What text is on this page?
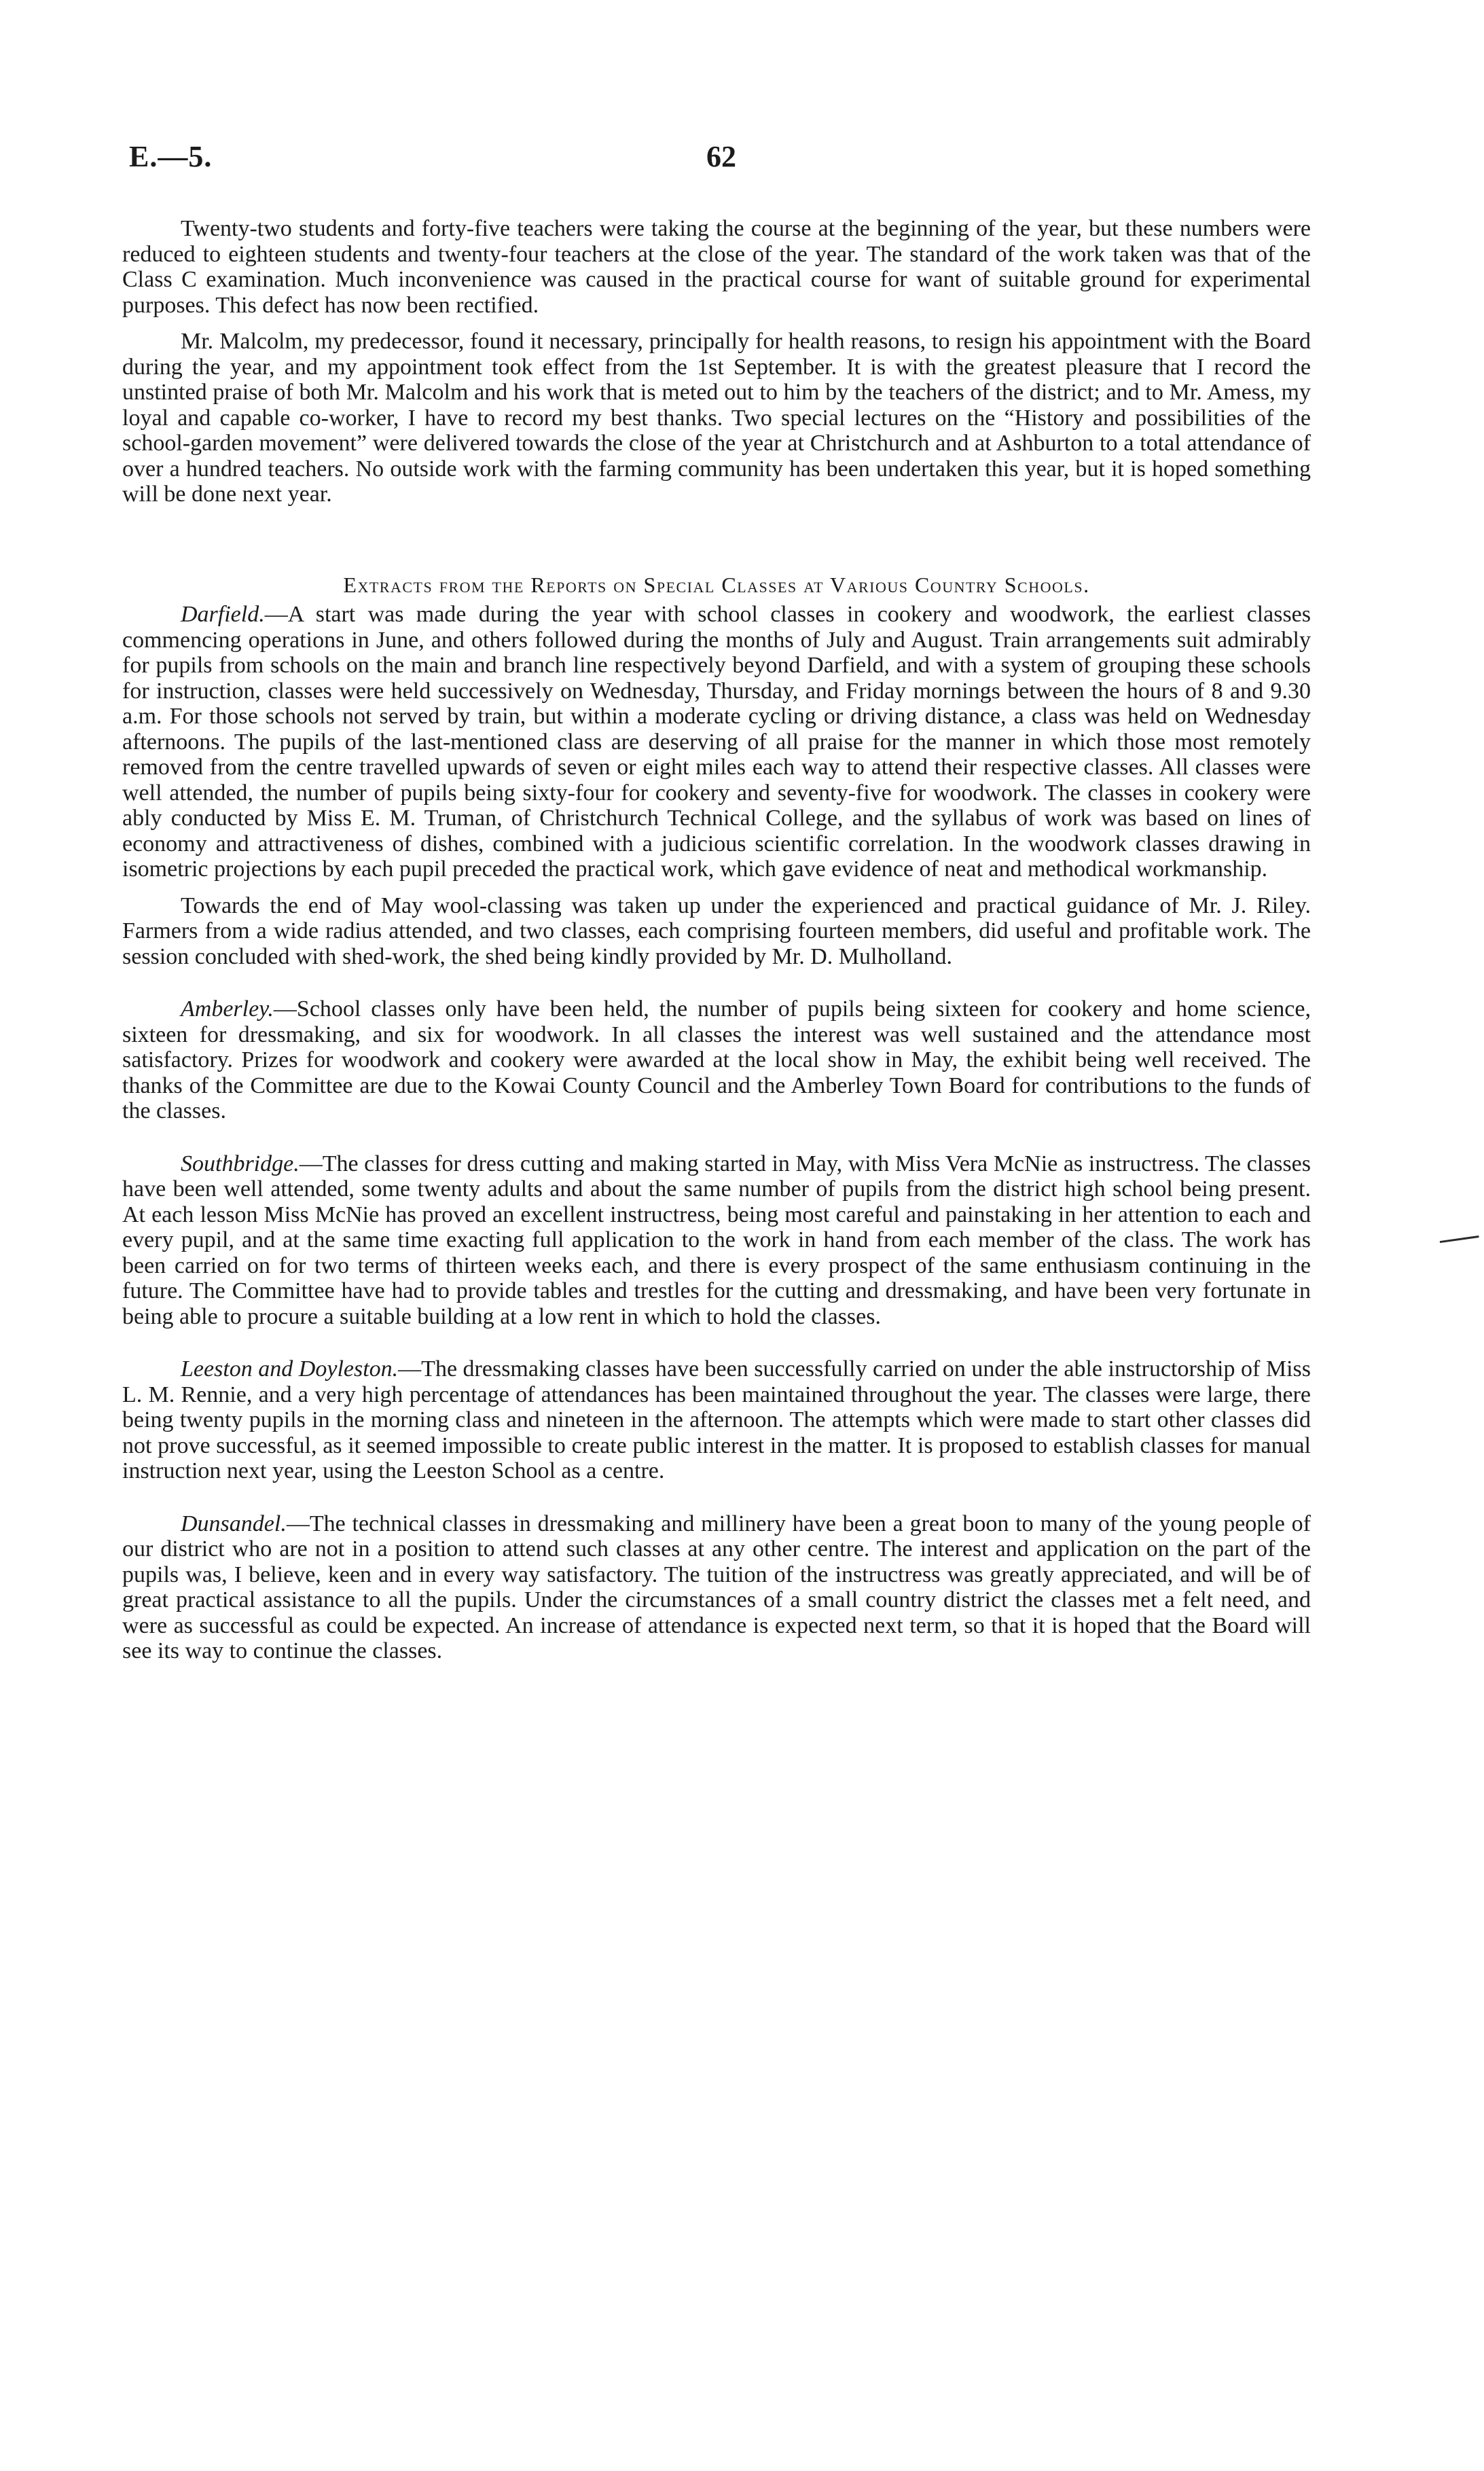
E.—5.	62

Twenty-two students and forty-five teachers were taking the course at the beginning of the year, but these numbers were reduced to eighteen students and twenty-four teachers at the close of the year. The standard of the work taken was that of the Class C examination. Much inconvenience was caused in the practical course for want of suitable ground for experimental purposes. This defect has now been rectified.

Mr. Malcolm, my predecessor, found it necessary, principally for health reasons, to resign his appointment with the Board during the year, and my appointment took effect from the 1st September. It is with the greatest pleasure that I record the unstinted praise of both Mr. Malcolm and his work that is meted out to him by the teachers of the district; and to Mr. Amess, my loyal and capable co-worker, I have to record my best thanks. Two special lectures on the “History and possibilities of the school-garden movement” were delivered towards the close of the year at Christchurch and at Ashburton to a total attendance of over a hundred teachers. No outside work with the farming community has been undertaken this year, but it is hoped something will be done next year.

Extracts from the Reports on Special Classes at Various Country Schools.

Darfield.—A start was made during the year with school classes in cookery and woodwork, the earliest classes commencing operations in June, and others followed during the months of July and August. Train arrangements suit admirably for pupils from schools on the main and branch line respectively beyond Darfield, and with a system of grouping these schools for instruction, classes were held successively on Wednesday, Thursday, and Friday mornings between the hours of 8 and 9.30 a.m. For those schools not served by train, but within a moderate cycling or driving distance, a class was held on Wednesday afternoons. The pupils of the last-mentioned class are deserving of all praise for the manner in which those most remotely removed from the centre travelled upwards of seven or eight miles each way to attend their respective classes. All classes were well attended, the number of pupils being sixty-four for cookery and seventy-five for woodwork. The classes in cookery were ably conducted by Miss E. M. Truman, of Christchurch Technical College, and the syllabus of work was based on lines of economy and attractiveness of dishes, combined with a judicious scientific correlation. In the woodwork classes drawing in isometric projections by each pupil preceded the practical work, which gave evidence of neat and methodical workmanship.

Towards the end of May wool-classing was taken up under the experienced and practical guidance of Mr. J. Riley. Farmers from a wide radius attended, and two classes, each comprising fourteen members, did useful and profitable work. The session concluded with shed-work, the shed being kindly provided by Mr. D. Mulholland.

Amberley.—School classes only have been held, the number of pupils being sixteen for cookery and home science, sixteen for dressmaking, and six for woodwork. In all classes the interest was well sustained and the attendance most satisfactory. Prizes for woodwork and cookery were awarded at the local show in May, the exhibit being well received. The thanks of the Committee are due to the Kowai County Council and the Amberley Town Board for contributions to the funds of the classes.

Southbridge.—The classes for dress cutting and making started in May, with Miss Vera McNie as instructress. The classes have been well attended, some twenty adults and about the same number of pupils from the district high school being present. At each lesson Miss McNie has proved an excellent instructress, being most careful and painstaking in her attention to each and every pupil, and at the same time exacting full application to the work in hand from each member of the class. The work has been carried on for two terms of thirteen weeks each, and there is every prospect of the same enthusiasm continuing in the future. The Committee have had to provide tables and trestles for the cutting and dressmaking, and have been very fortunate in being able to procure a suitable building at a low rent in which to hold the classes.

Leeston and Doyleston.—The dressmaking classes have been successfully carried on under the able instructorship of Miss L. M. Rennie, and a very high percentage of attendances has been maintained throughout the year. The classes were large, there being twenty pupils in the morning class and nineteen in the afternoon. The attempts which were made to start other classes did not prove successful, as it seemed impossible to create public interest in the matter. It is proposed to establish classes for manual instruction next year, using the Leeston School as a centre.

Dunsandel.—The technical classes in dressmaking and millinery have been a great boon to many of the young people of our district who are not in a position to attend such classes at any other centre. The interest and application on the part of the pupils was, I believe, keen and in every way satisfactory. The tuition of the instructress was greatly appreciated, and will be of great practical assistance to all the pupils. Under the circumstances of a small country district the classes met a felt need, and were as successful as could be expected. An increase of attendance is expected next term, so that it is hoped that the Board will see its way to continue the classes.
